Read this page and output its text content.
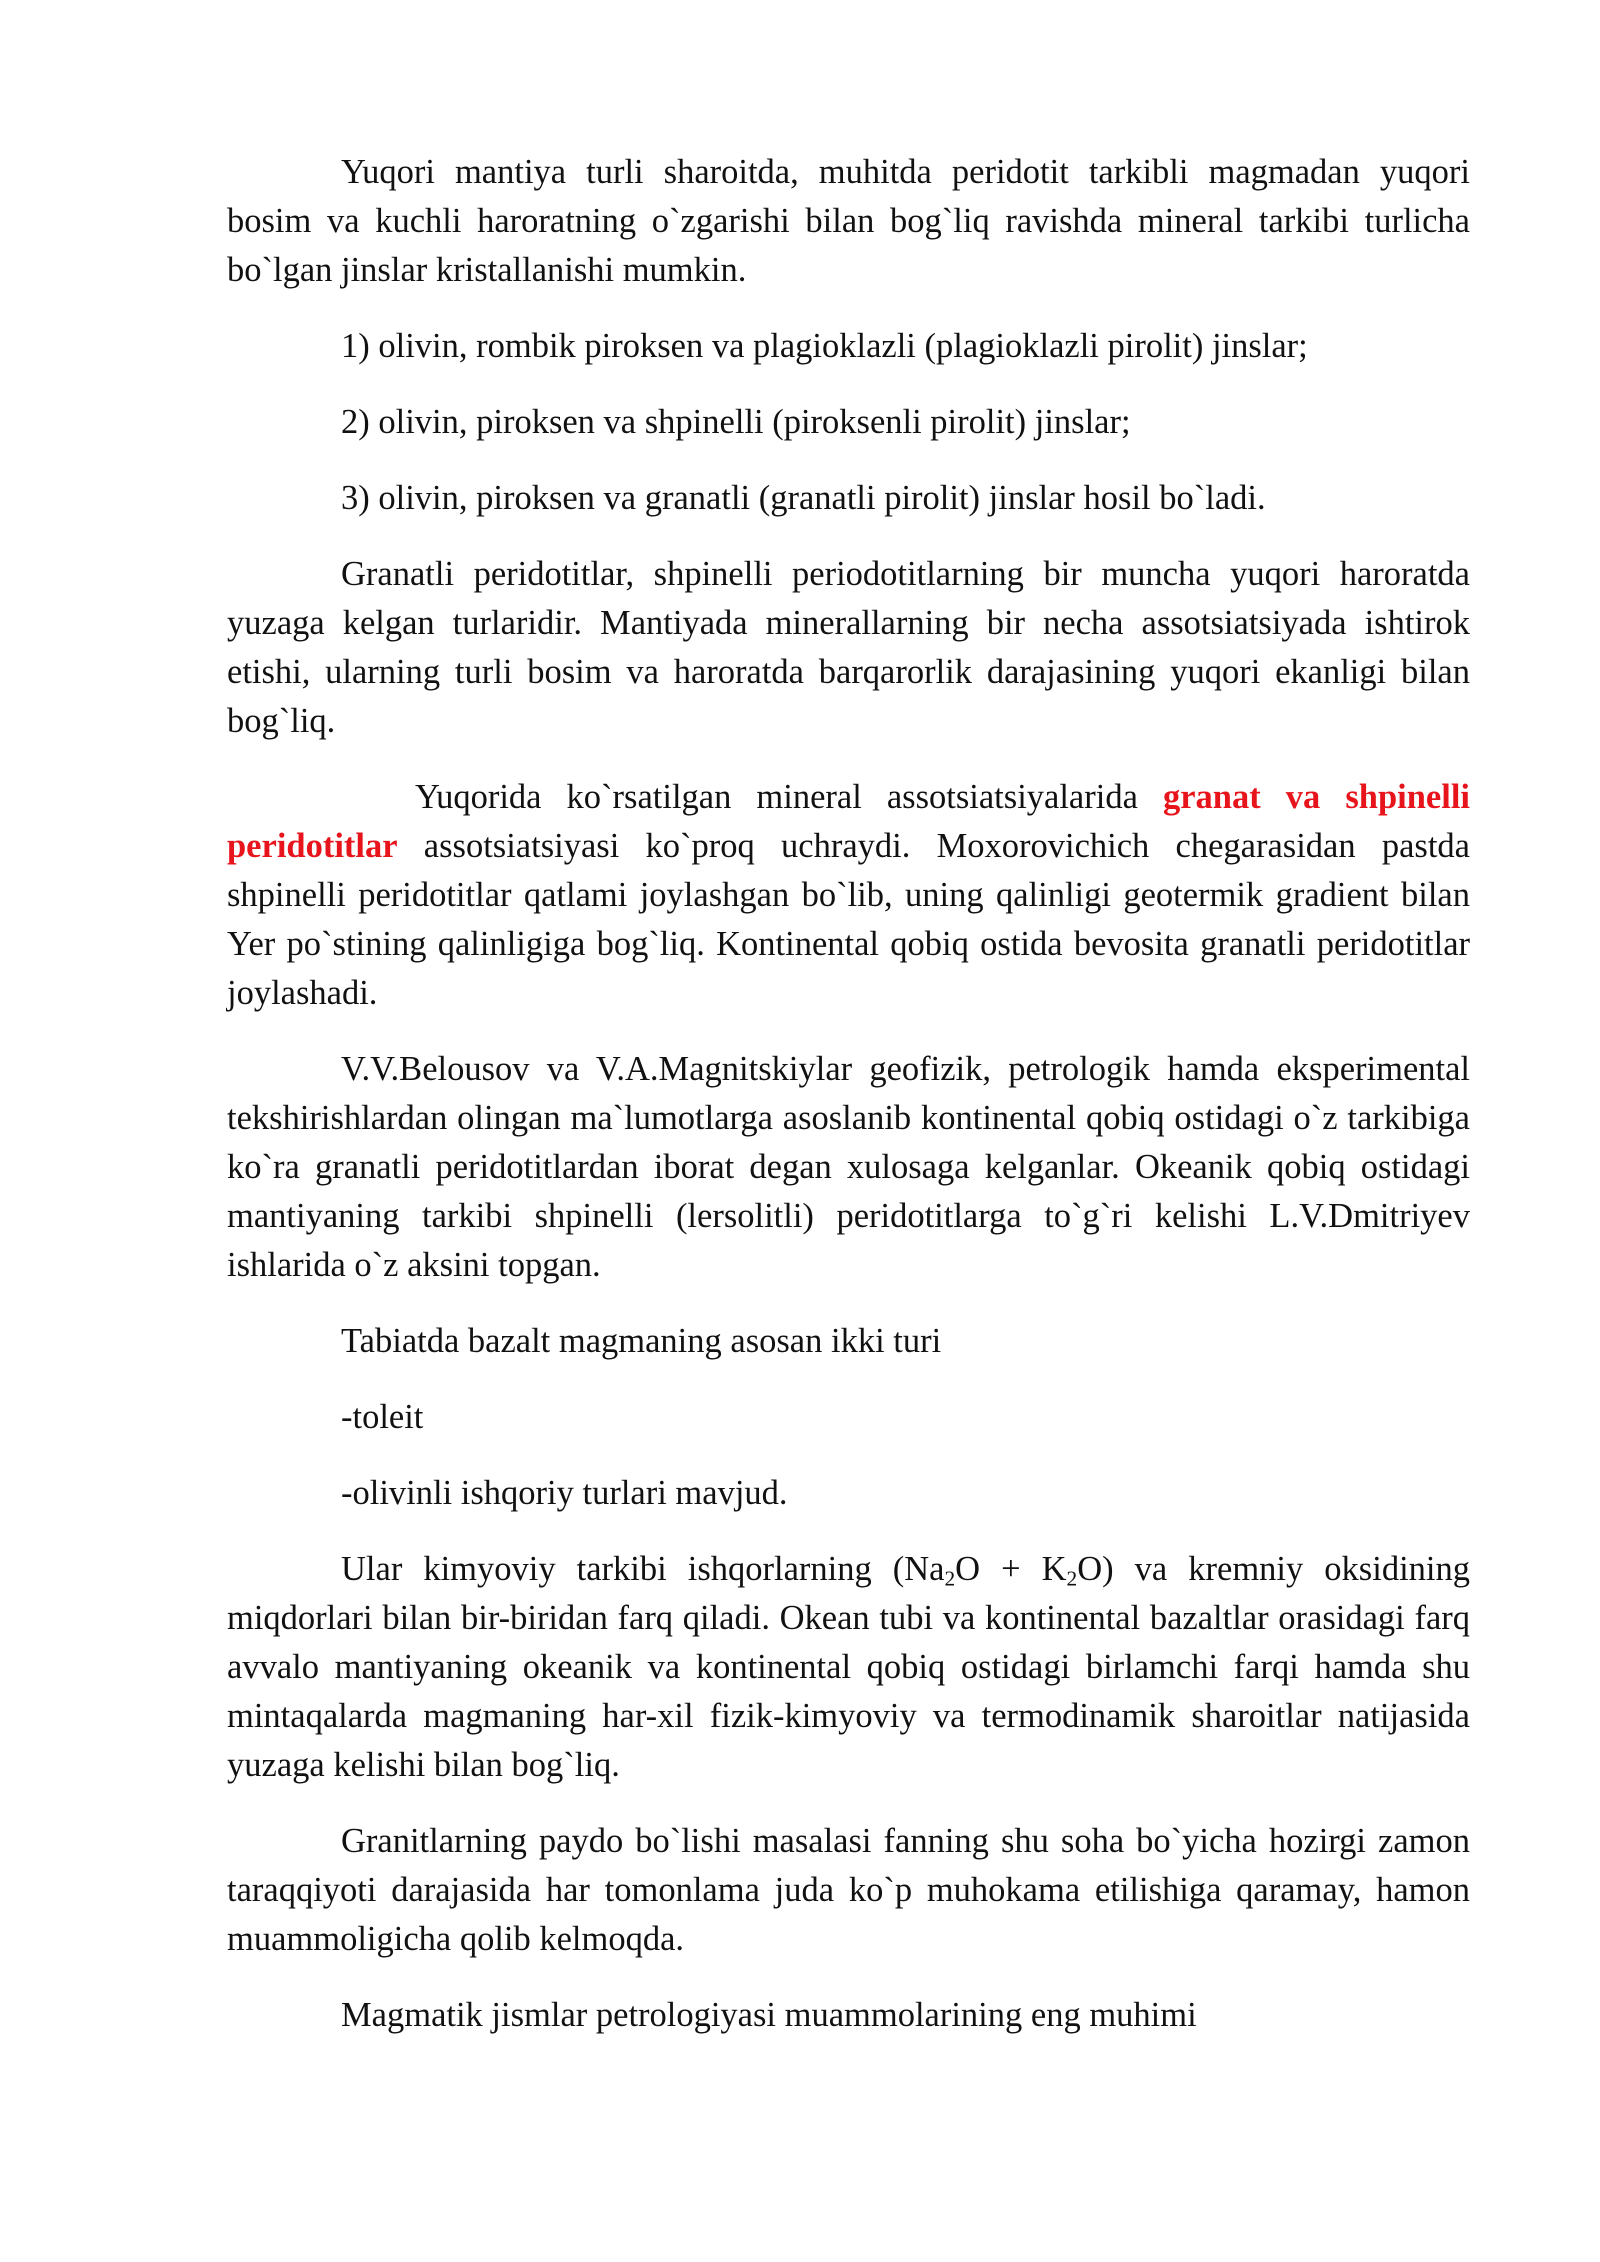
Yuqori mantiya turli sharoitda, muhitda peridotit tarkibli magmadan yuqori bosim va kuchli haroratning o`zgarishi bilan bog`liq ravishda mineral tarkibi turlicha bo`lgan jinslar kristallanishi mumkin.

1) olivin, rombik piroksen va plagioklazli (plagioklazli pirolit) jinslar;

2) olivin, piroksen va shpinelli (piroksenli pirolit) jinslar;

3) olivin, piroksen va granatli (granatli pirolit) jinslar hosil bo`ladi.

Granatli peridotitlar, shpinelli periodotitlarning bir muncha yuqori haroratda yuzaga kelgan turlaridir. Mantiyada minerallarning bir necha assotsiatsiyada ishtirok etishi, ularning turli bosim va haroratda barqarorlik darajasining yuqori ekanligi bilan bog`liq.

Yuqorida ko`rsatilgan mineral assotsiatsiyalarida granat va shpinelli peridotitlar assotsiatsiyasi ko`proq uchraydi. Moxorovichich chegarasidan pastda shpinelli peridotitlar qatlami joylashgan bo`lib, uning qalinligi geotermik gradient bilan Yer po`stining qalinligiga bog`liq. Kontinental qobiq ostida bevosita granatli peridotitlar joylashadi.

V.V.Belousov va V.A.Magnitskiylar geofizik, petrologik hamda eksperimental tekshirishlardan olingan ma`lumotlarga asoslanib kontinental qobiq ostidagi o`z tarkibiga ko`ra granatli peridotitlardan iborat degan xulosaga kelganlar. Okeanik qobiq ostidagi mantiyaning tarkibi shpinelli (lersolitli) peridotitlarga to`g`ri kelishi L.V.Dmitriyev ishlarida o`z aksini topgan.

Tabiatda bazalt magmaning asosan ikki turi

-toleit

-olivinli ishqoriy turlari mavjud.

Ular kimyoviy tarkibi ishqorlarning $(Na_2O + K_2O)$ va kremniy oksidining miqdorlari bilan bir-biridan farq qiladi. Okean tubi va kontinental bazaltlar orasidagi farq avvalo mantiyaning okeanik va kontinental qobiq ostidagi birlamchi farqi hamda shu mintaqalarda magmaning har-xil fizik-kimyoviy va termodinamik sharoitlar natijasida yuzaga kelishi bilan bog`liq.

Granitlarning paydo bo`lishi masalasi fanning shu soha bo`yicha hozirgi zamon taraqqiyoti darajasida har tomonlama juda ko`p muhokama etilishiga qaramay, hamon muammoligicha qolib kelmoqda.

Magmatik jismlar petrologiyasi muammolarining eng muhimi
